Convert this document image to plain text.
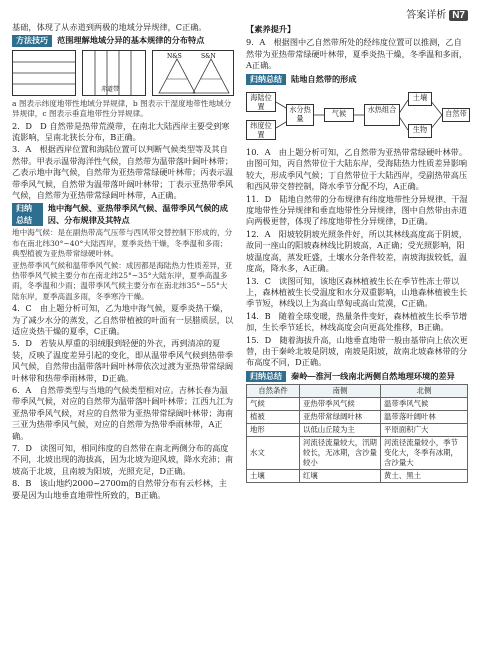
答案详析 N7

基础，体现了从赤道到两极的地域分异规律，C正确。

方法技巧	范围理解地域分异的基本规律的分布特点
赤道带
N&S	S&N

a 图表示纬度地带性地域分异规律，b 图表示干湿度地带性地域分异规律，c 图表示垂直地带性分异规律。

2．D　D 自然带是热带荒漠带，在南北大陆西岸主要受到寒流影响，呈南北狭长分布，B正确。

3．A　根据西岸位置和海陆位置可以判断气候类型等及其自然带。甲表示温带海洋性气候，自然带为温带落叶阔叶林带；乙表示地中海气候，自然带为亚热带常绿硬叶林带；丙表示温带季风气候，自然带为温带落叶阔叶林带；丁表示亚热带季风气候，自然带为亚热带常绿阔叶林带，A正确。

归纳总结
地中海气候、亚热带季风气候、温带季风气候的成因、分布规律及其特点

地中海气候：是在副热带高气压带与西风带交替控制下形成的，分布在南北纬30°~40°大陆西岸，夏季炎热干燥，冬季温和多雨；典型植被为亚热带常绿硬叶林。

亚热带季风气候和温带季风气候：成因都是海陆热力性质差异，亚热带季风气候主要分布在南北纬25°~35°大陆东岸，夏季高温多雨，冬季温和少雨；温带季风气候主要分布在南北纬35°~55°大陆东岸，夏季高温多雨，冬季寒冷干燥。

4．C　由上题分析可知，乙为地中海气候，夏季炎热干燥，为了减少水分的蒸发，乙自然带植被的叶面有一层腊质层，以适应炎热干燥的夏季，C正确。

5．D　若装从厚重的羽绒服到轻便的外衣，再到清凉的夏装，反映了温度差异引起的变化，即从温带季风气候到热带季风气候，自然带由温带落叶阔叶林带依次过渡为亚热带常绿阔叶林带和热带季雨林带，D正确。

6．A　自然带类型与当地的气候类型相对应。吉林长春为温带季风气候，对应的自然带为温带落叶阔叶林带；江西九江为亚热带季风气候，对应的自然带为亚热带常绿阔叶林带；海南三亚为热带季风气候，对应的自然带为热带季雨林带，A正确。

7．D　读图可知，相同纬度的自然带在南北两侧分布的高度不同，北坡出现的海拔高，因为北坡为迎风坡，降水充沛；南坡高于北坡，且南坡为阳坡，光照充足，D正确。

8．B　该山地约2000~2700m的自然带分布有云杉林，主要是因为山地垂直地带性所致的，B正确。

【素养提升】

9．A　根据图中乙自然带所处的经纬度位置可以推测，乙自然带为亚热带常绿硬叶林带，夏季炎热干燥，冬季温和多雨，A正确。

归纳总结	陆地自然带的形成
海陆位置
纬度位置
水分热量
气候	水热组合
土壤
生物
自然带

10．A　由上题分析可知，乙自然带为亚热带常绿硬叶林带。由图可知，丙自然带位于大陆东岸，受海陆热力性质差异影响较大，形成季风气候；丁自然带位于大陆西岸，受副热带高压和西风带交替控制，降水季节分配不均，A正确。

11．D　陆地自然带的分布规律有纬度地带性分异规律、干湿度地带性分异规律和垂直地带性分异规律，图中自然带由赤道向两极更替，体现了纬度地带性分异规律，D正确。

12．A　阳坡较阴坡光照条件好，所以其林线高度高于阴坡，故同一座山的阳坡森林线比阴坡高，A正确；受光照影响，阳坡温度高，蒸发旺盛，土壤水分条件较差，南坡海拔较低，温度高，降水多，A正确。

13．C　读图可知，该地区森林植被生长在季节性冻土带以上，森林植被生长受温度和水分双重影响，山地森林植被生长季节短，林线以上为高山草甸或高山荒漠，C正确。

14．B　随着全球变暖，热量条件变好，森林植被生长季节增加，生长季节延长，林线高度会向更高处推移，B正确。

15．D　随着海拔升高，山地垂直地带一般由基带向上依次更替，由于秦岭北坡是阴坡，南坡是阳坡，故南北坡森林带的分布高度不同，D正确。

归纳总结	秦岭—淮河一线南北两侧自然地理环境的差异
自然条件	南侧	北侧
气候	亚热带季风气候	温带季风气候
植被	亚热带常绿阔叶林	温带落叶阔叶林
地形	以低山丘陵为主	平原面积广大
水文	河流径流量较大，汛期较长，无冰期，含沙量较小	河流径流量较小，季节变化大，冬季有冰期，含沙量大
土壤	红壤	黄土、黑土
